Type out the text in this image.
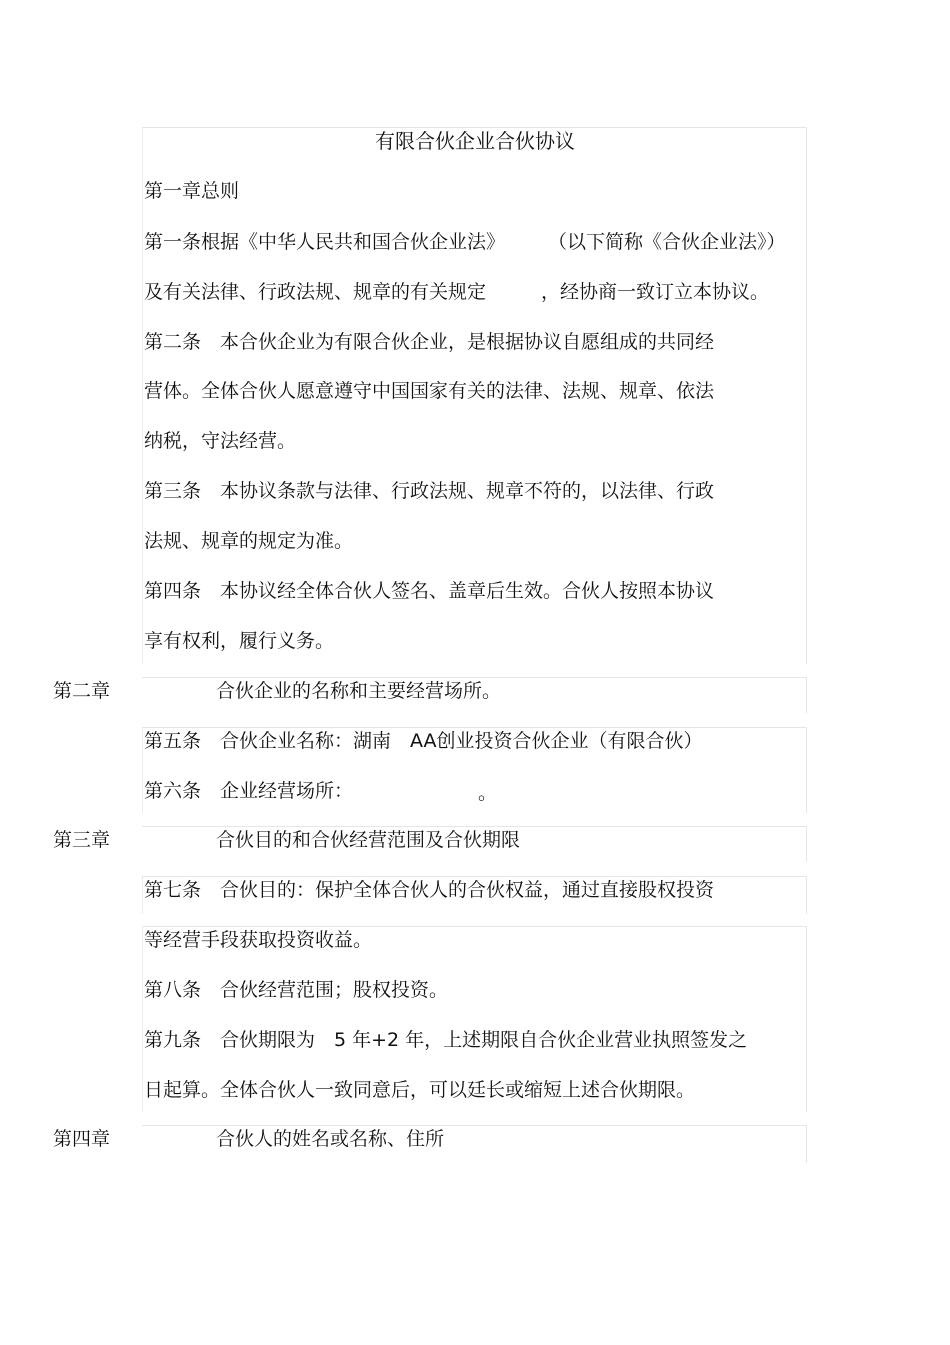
有限合伙企业合伙协议
第一章总则
第一条根据《中华人民共和国合伙企业法》 （以下简称《合伙企业法》）
及有关法律、行政法规、规章的有关规定	，经协商一致订立本协议。
第二条　本合伙企业为有限合伙企业，是根据协议自愿组成的共同经
营体。全体合伙人愿意遵守中国国家有关的法律、法规、规章、依法
纳税，守法经营。
第三条　本协议条款与法律、行政法规、规章不符的，以法律、行政
法规、规章的规定为准。
第四条　本协议经全体合伙人签名、盖章后生效。合伙人按照本协议
享有权利，履行义务。
第二章	合伙企业的名称和主要经营场所。
第五条　合伙企业名称：湖南　AA创业投资合伙企业（有限合伙）
第六条　企业经营场所：	。
第三章	合伙目的和合伙经营范围及合伙期限
第七条　合伙目的：保护全体合伙人的合伙权益，通过直接股权投资
等经营手段获取投资收益。
第八条　合伙经营范围；股权投资。
第九条　合伙期限为　5 年+2 年，上述期限自合伙企业营业执照签发之
日起算。全体合伙人一致同意后，可以廷长或缩短上述合伙期限。
第四章	合伙人的姓名或名称、住所
